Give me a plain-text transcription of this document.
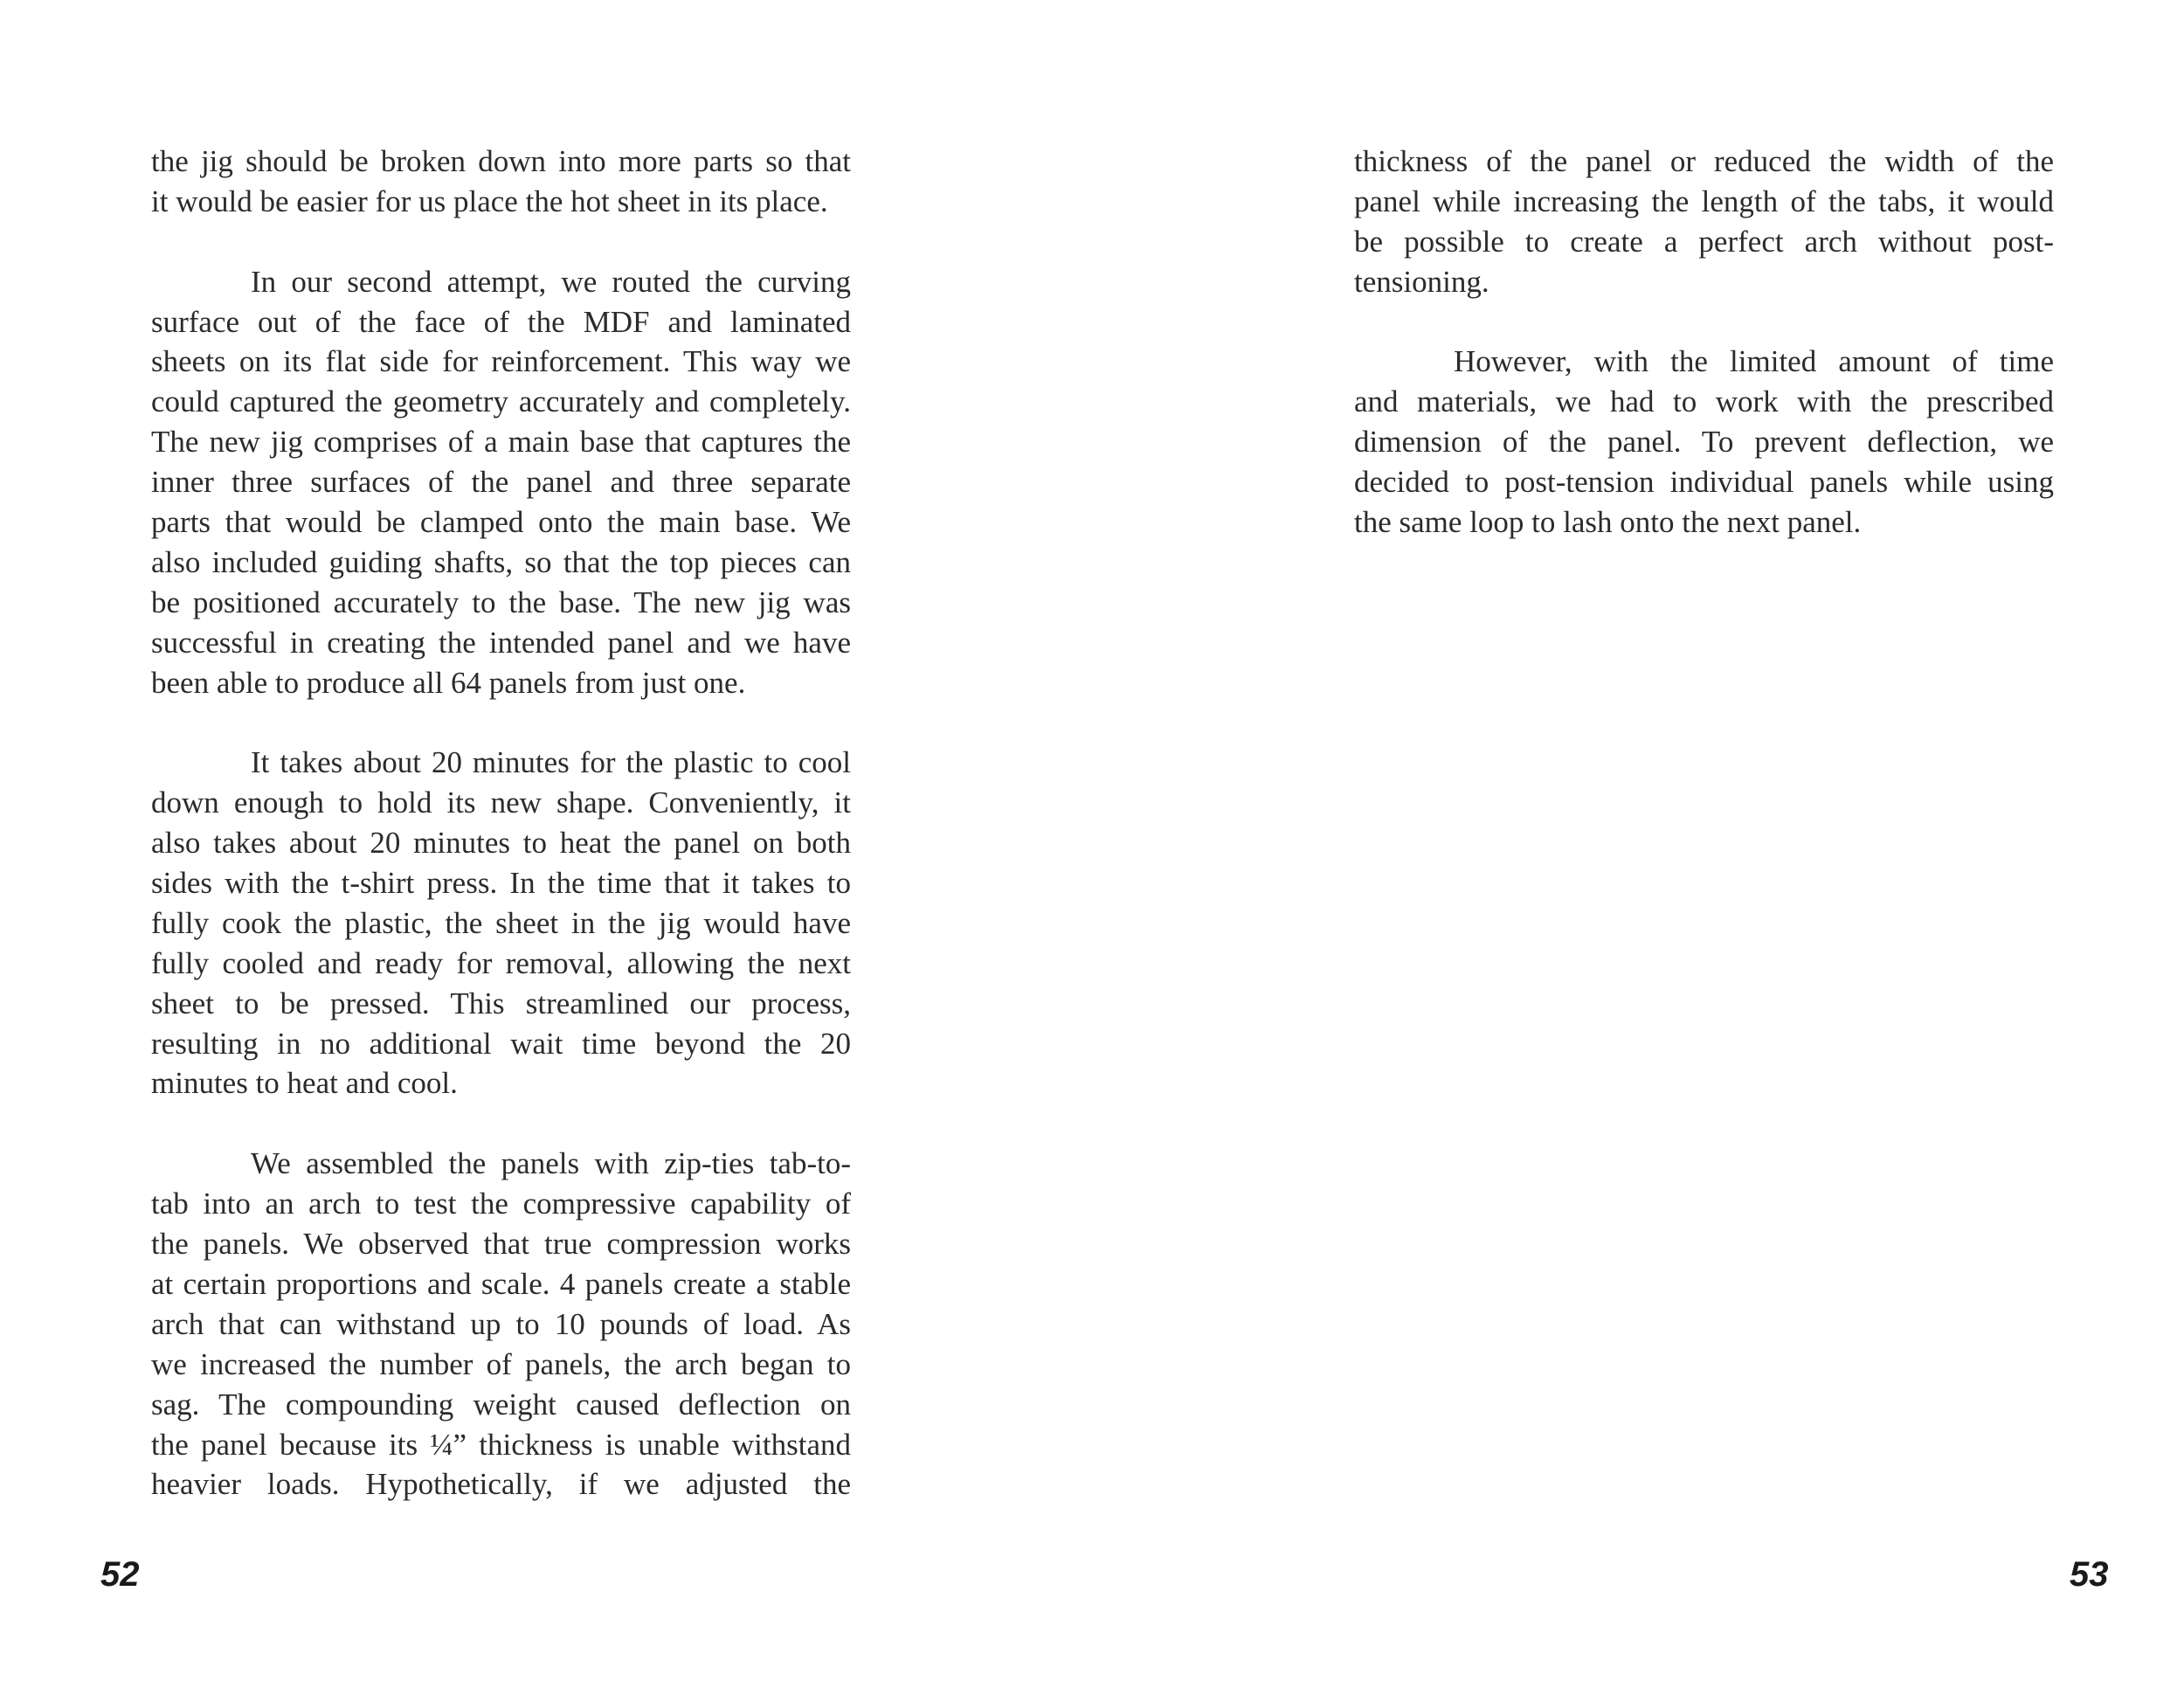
the jig should be broken down into more parts so that
it would be easier for us place the hot sheet in its place.
In our second attempt, we routed the curving
surface out of the face of the MDF and laminated
sheets on its flat side for reinforcement. This way we
could captured the geometry accurately and completely.
The new jig comprises of a main base that captures the
inner three surfaces of the panel and three separate
parts that would be clamped onto the main base. We
also included guiding shafts, so that the top pieces can
be positioned accurately to the base. The new jig was
successful in creating the intended panel and we have
been able to produce all 64 panels from just one.
It takes about 20 minutes for the plastic to cool
down enough to hold its new shape. Conveniently, it
also takes about 20 minutes to heat the panel on both
sides with the t-shirt press. In the time that it takes to
fully cook the plastic, the sheet in the jig would have
fully cooled and ready for removal, allowing the next
sheet to be pressed. This streamlined our process,
resulting in no additional wait time beyond the 20
minutes to heat and cool.
We assembled the panels with zip-ties tab-to-
tab into an arch to test the compressive capability of
the panels. We observed that true compression works
at certain proportions and scale. 4 panels create a stable
arch that can withstand up to 10 pounds of load. As
we increased the number of panels, the arch began to
sag. The compounding weight caused deflection on
the panel because its ¼” thickness is unable withstand
heavier loads. Hypothetically, if we adjusted the
52
thickness of the panel or reduced the width of the
panel while increasing the length of the tabs, it would
be possible to create a perfect arch without post-
tensioning.
However, with the limited amount of time
and materials, we had to work with the prescribed
dimension of the panel. To prevent deflection, we
decided to post-tension individual panels while using
the same loop to lash onto the next panel.
53
